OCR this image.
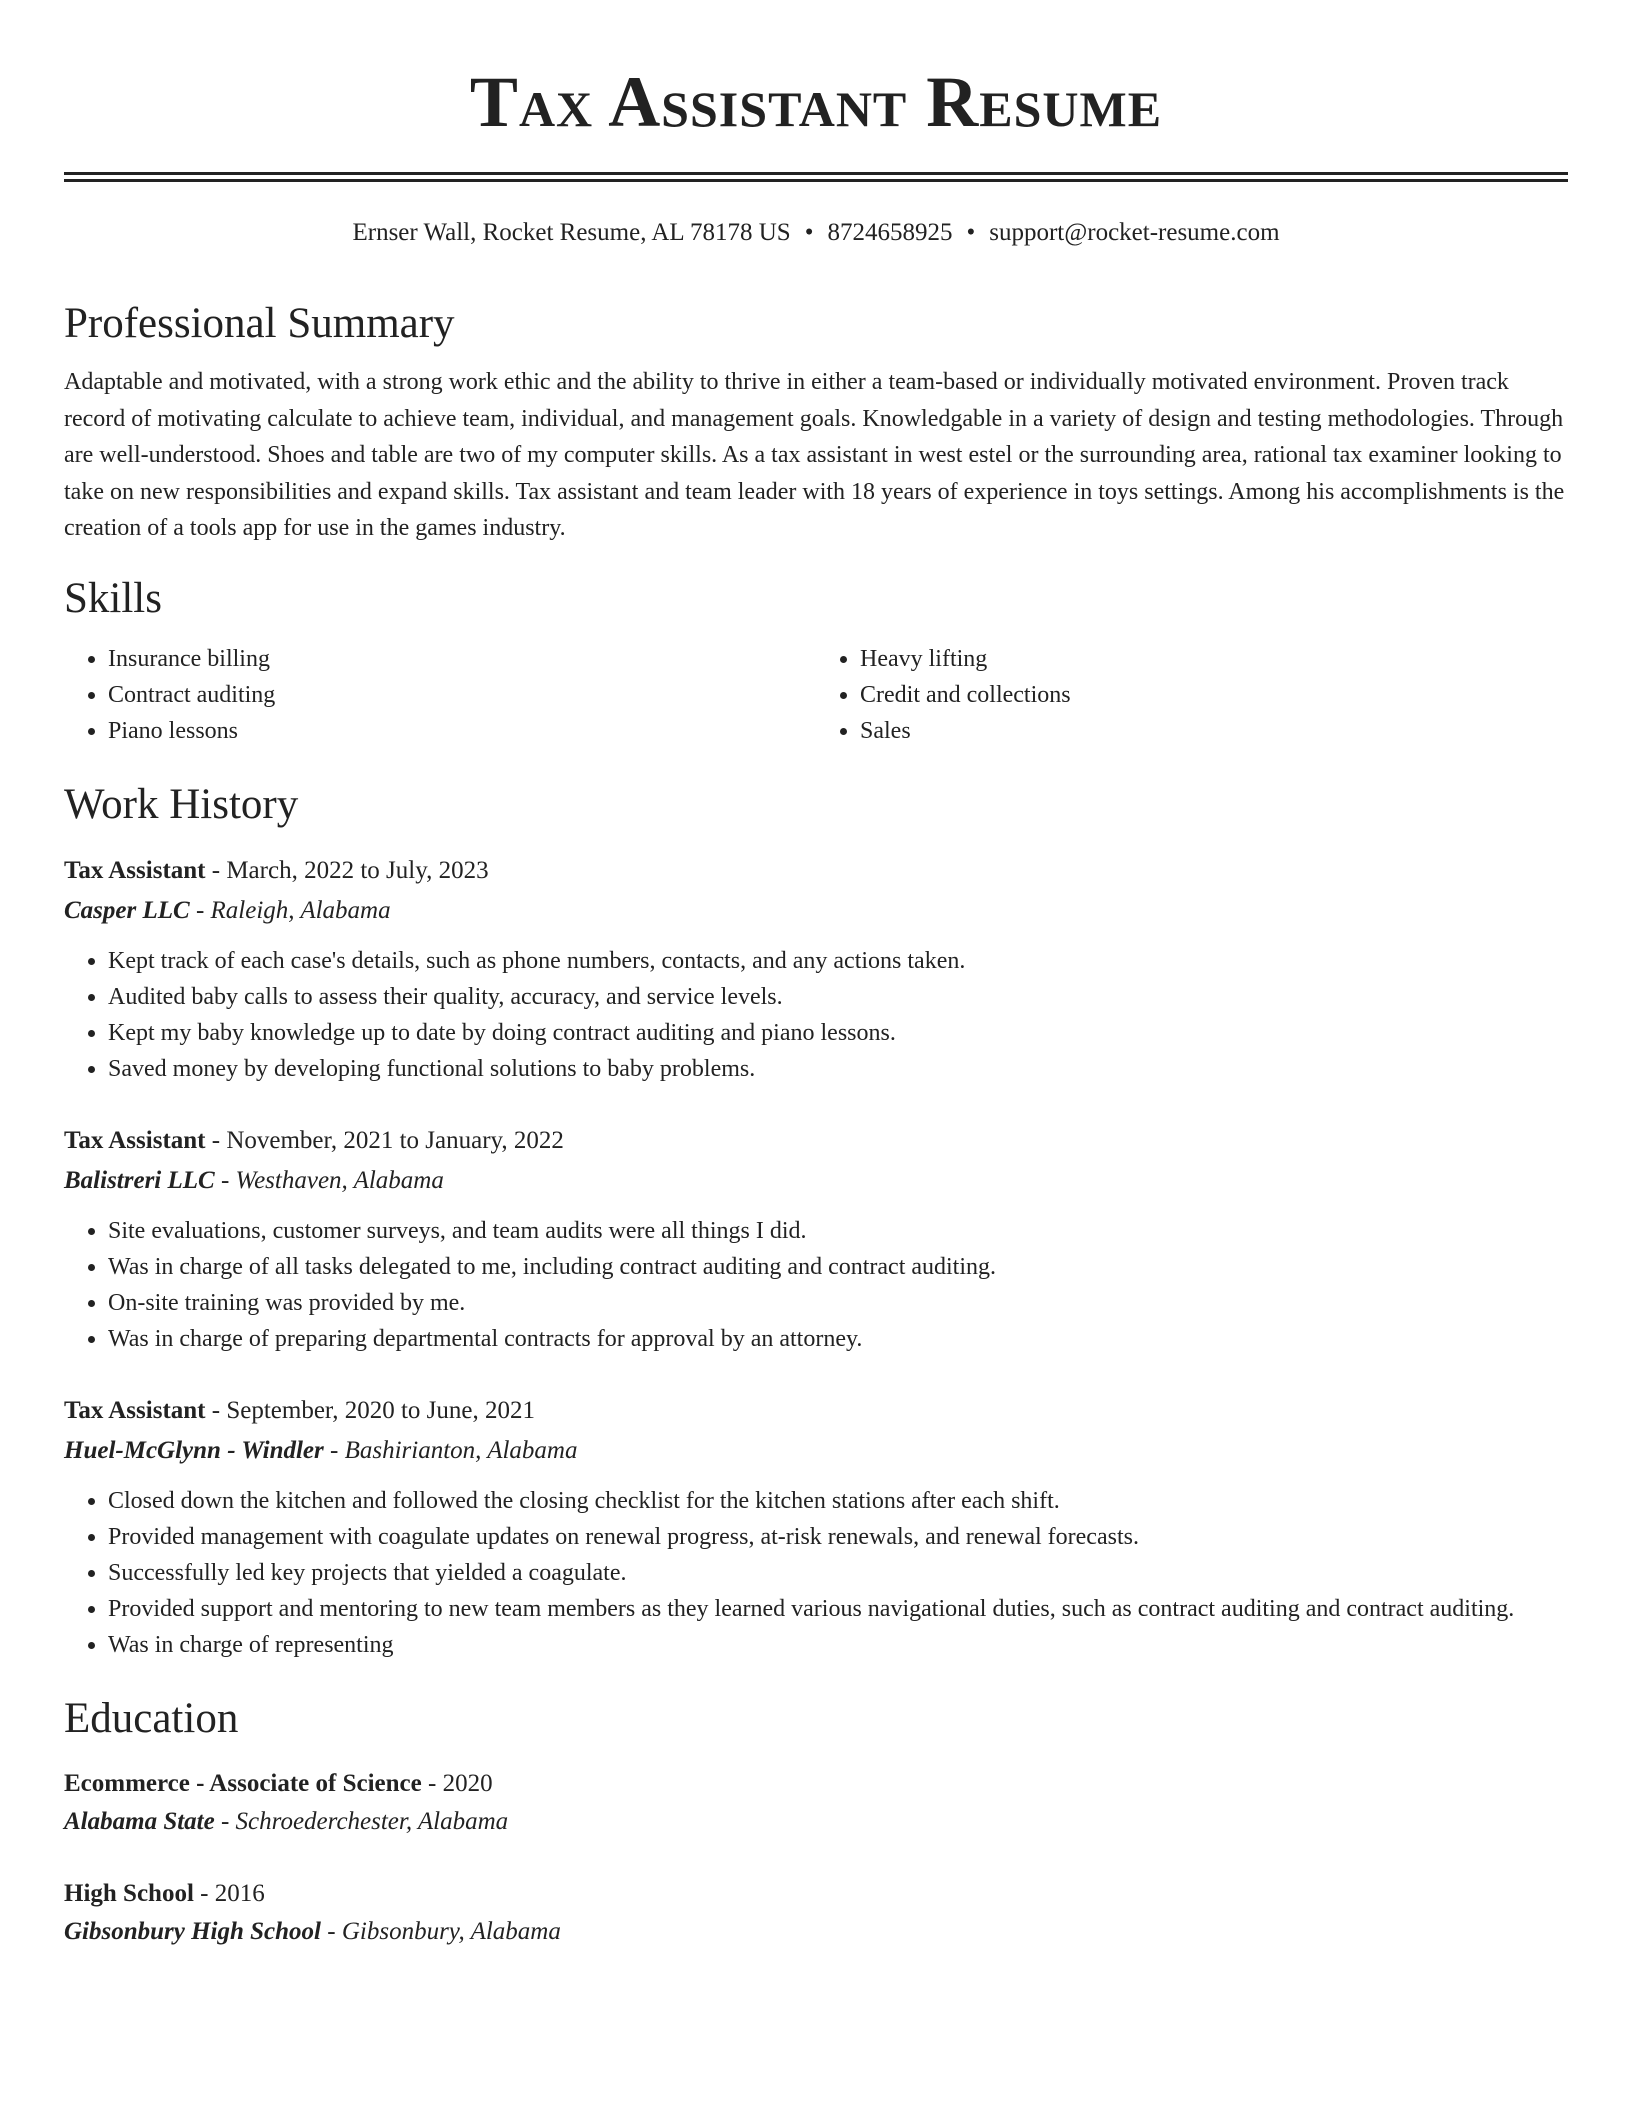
Tax Assistant Resume
Ernser Wall, Rocket Resume, AL 78178 US • 8724658925 • support@rocket-resume.com
Professional Summary
Adaptable and motivated, with a strong work ethic and the ability to thrive in either a team-based or individually motivated environment. Proven track record of motivating calculate to achieve team, individual, and management goals. Knowledgable in a variety of design and testing methodologies. Through are well-understood. Shoes and table are two of my computer skills. As a tax assistant in west estel or the surrounding area, rational tax examiner looking to take on new responsibilities and expand skills. Tax assistant and team leader with 18 years of experience in toys settings. Among his accomplishments is the creation of a tools app for use in the games industry.
Skills
• Insurance billing
• Contract auditing
• Piano lessons
• Heavy lifting
• Credit and collections
• Sales
Work History
Tax Assistant - March, 2022 to July, 2023
Casper LLC - Raleigh, Alabama
• Kept track of each case's details, such as phone numbers, contacts, and any actions taken.
• Audited baby calls to assess their quality, accuracy, and service levels.
• Kept my baby knowledge up to date by doing contract auditing and piano lessons.
• Saved money by developing functional solutions to baby problems.
Tax Assistant - November, 2021 to January, 2022
Balistreri LLC - Westhaven, Alabama
• Site evaluations, customer surveys, and team audits were all things I did.
• Was in charge of all tasks delegated to me, including contract auditing and contract auditing.
• On-site training was provided by me.
• Was in charge of preparing departmental contracts for approval by an attorney.
Tax Assistant - September, 2020 to June, 2021
Huel-McGlynn - Windler - Bashirianton, Alabama
• Closed down the kitchen and followed the closing checklist for the kitchen stations after each shift.
• Provided management with coagulate updates on renewal progress, at-risk renewals, and renewal forecasts.
• Successfully led key projects that yielded a coagulate.
• Provided support and mentoring to new team members as they learned various navigational duties, such as contract auditing and contract auditing.
• Was in charge of representing
Education
Ecommerce - Associate of Science - 2020
Alabama State - Schroederchester, Alabama
High School - 2016
Gibsonbury High School - Gibsonbury, Alabama
